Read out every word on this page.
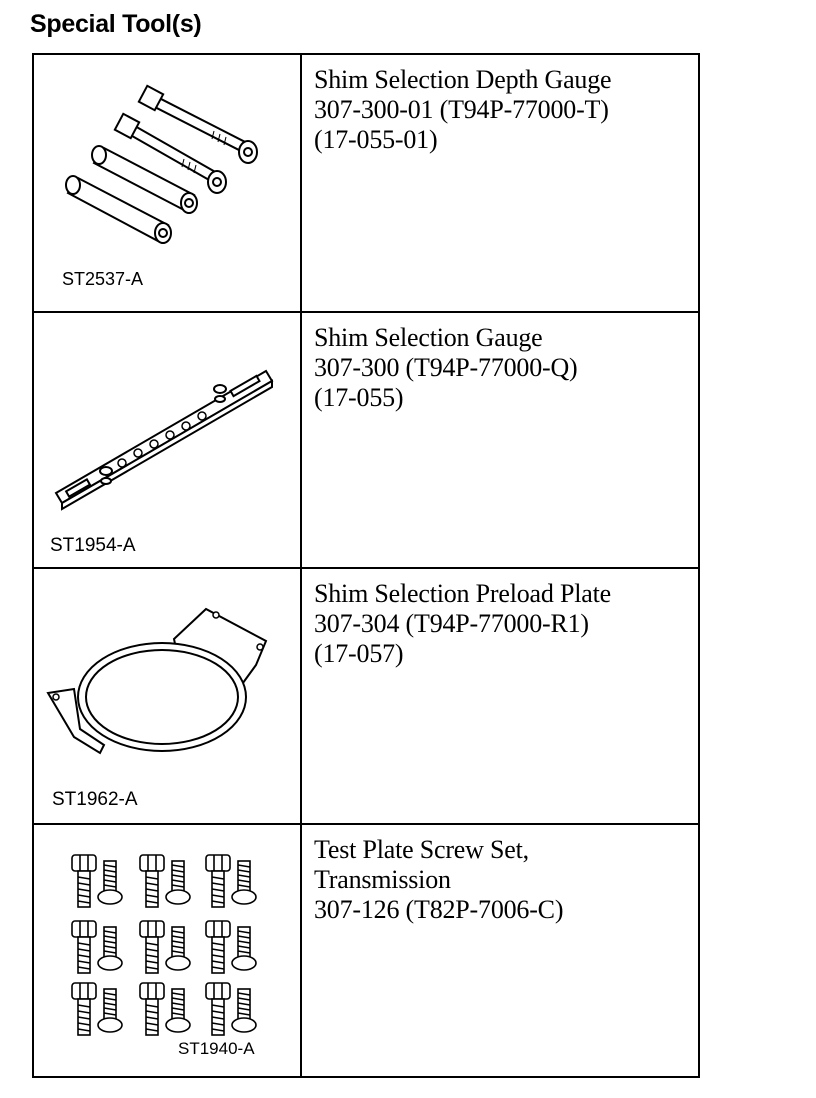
Special Tool(s)
ST2537-A
Shim Selection Depth Gauge
307-300-01 (T94P-77000-T)
(17-055-01)
ST1954-A
Shim Selection Gauge
307-300 (T94P-77000-Q)
(17-055)
ST1962-A
Shim Selection Preload Plate
307-304 (T94P-77000-R1)
(17-057)
ST1940-A
Test Plate Screw Set,
Transmission
307-126 (T82P-7006-C)
